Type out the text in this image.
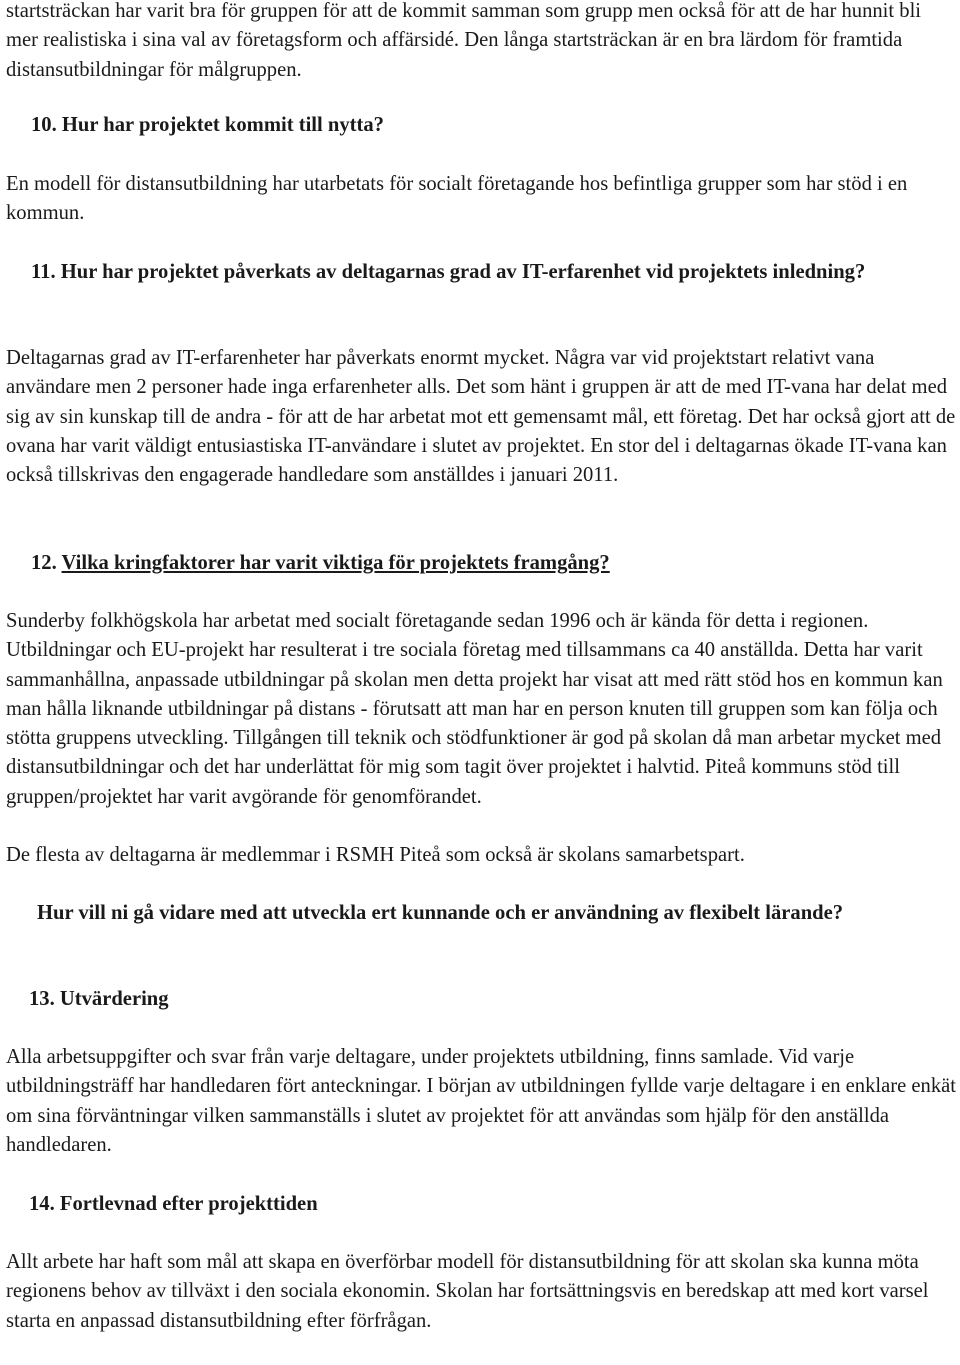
startsträckan har varit bra för gruppen för att de kommit samman som grupp men också för att de har hunnit bli mer realistiska i sina val av företagsform och affärsidé. Den långa startsträckan är en bra lärdom för framtida distansutbildningar för målgruppen.

10. Hur har projektet kommit till nytta?

En modell för distansutbildning har utarbetats för socialt företagande hos befintliga grupper som har stöd i en kommun.

11. Hur har projektet påverkats av deltagarnas grad av IT-erfarenhet vid projektets inledning?

Deltagarnas grad av IT-erfarenheter har påverkats enormt mycket. Några var vid projektstart relativt vana användare men 2 personer hade inga erfarenheter alls. Det som hänt i gruppen är att de med IT-vana har delat med sig av sin kunskap till de andra - för att de har arbetat mot ett gemensamt mål, ett företag. Det har också gjort att de ovana har varit väldigt entusiastiska IT-användare i slutet av projektet. En stor del i deltagarnas ökade IT-vana kan också tillskrivas den engagerade handledare som anställdes i januari 2011.

12. Vilka kringfaktorer har varit viktiga för projektets framgång?

Sunderby folkhögskola har arbetat med socialt företagande sedan 1996 och är kända för detta i regionen. Utbildningar och EU-projekt har resulterat i tre sociala företag med tillsammans ca 40 anställda. Detta har varit sammanhållna, anpassade utbildningar på skolan men detta projekt har visat att med rätt stöd hos en kommun kan man hålla liknande utbildningar på distans - förutsatt att man har en person knuten till gruppen som kan följa och stötta gruppens utveckling. Tillgången till teknik och stödfunktioner är god på skolan då man arbetar mycket med distansutbildningar och det har underlättat för mig som tagit över projektet i halvtid. Piteå kommuns stöd till gruppen/projektet har varit avgörande för genomförandet.

De flesta av deltagarna är medlemmar i RSMH Piteå som också är skolans samarbetspart.

Hur vill ni gå vidare med att utveckla ert kunnande och er användning av flexibelt lärande?

13. Utvärdering

Alla arbetsuppgifter och svar från varje deltagare, under projektets utbildning, finns samlade. Vid varje utbildningsträff har handledaren fört anteckningar. I början av utbildningen fyllde varje deltagare i en enklare enkät om sina förväntningar vilken sammanställs i slutet av projektet för att användas som hjälp för den anställda handledaren.

14. Fortlevnad efter projekttiden

Allt arbete har haft som mål att skapa en överförbar modell för distansutbildning för att skolan ska kunna möta regionens behov av tillväxt i den sociala ekonomin. Skolan har fortsättningsvis en beredskap att med kort varsel starta en anpassad distansutbildning efter förfrågan.
